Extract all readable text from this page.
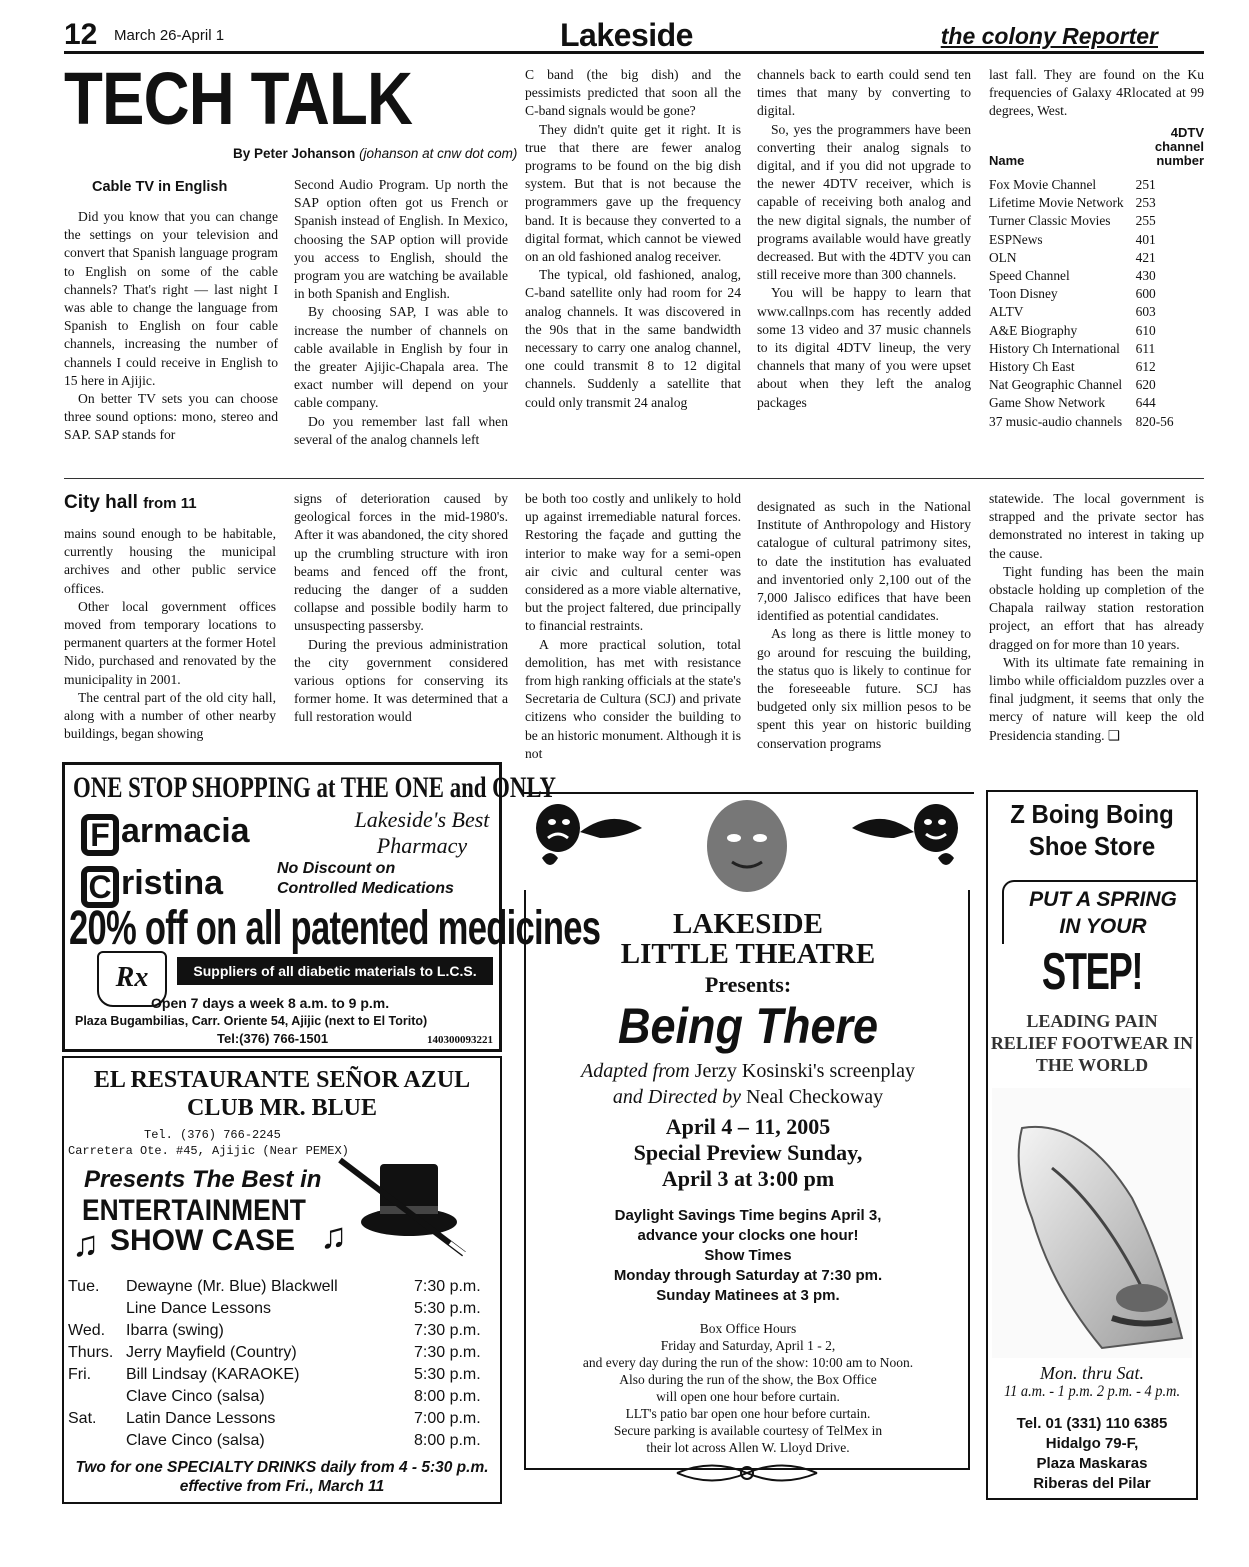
12 March 26-April 1	Lakeside	the colony Reporter
TECH TALK
By Peter Johanson (johanson at cnw dot com)
Cable TV in English

Did you know that you can change the settings on your television and convert that Spanish language program to English on some of the cable channels? That's right — last night I was able to change the language from Spanish to English on four cable channels, increasing the number of channels I could receive in English to 15 here in Ajijic.

On better TV sets you can choose three sound options: mono, stereo and SAP. SAP stands for

Second Audio Program. Up north the SAP option often got us French or Spanish instead of English. In Mexico, choosing the SAP option will provide you access to English, should the program you are watching be available in both Spanish and English.

By choosing SAP, I was able to increase the number of channels on cable available in English by four in the greater Ajijic-Chapala area. The exact number will depend on your cable company.

Do you remember last fall when several of the analog channels left

C band (the big dish) and the pessimists predicted that soon all the C-band signals would be gone?

They didn't quite get it right. It is true that there are fewer analog programs to be found on the big dish system. But that is not because the programmers gave up the frequency band. It is because they converted to a digital format, which cannot be viewed on an old fashioned analog receiver.

The typical, old fashioned, analog, C-band satellite only had room for 24 analog channels. It was discovered in the 90s that in the same bandwidth necessary to carry one analog channel, one could transmit 8 to 12 digital channels. Suddenly a satellite that could only transmit 24 analog

channels back to earth could send ten times that many by converting to digital.

So, yes the programmers have been converting their analog signals to digital, and if you did not upgrade to the newer 4DTV receiver, which is capable of receiving both analog and the new digital signals, the number of programs available would have greatly decreased. But with the 4DTV you can still receive more than 300 channels.

You will be happy to learn that www.callnps.com has recently added some 13 video and 37 music channels to its digital 4DTV lineup, the very channels that many of you were upset about when they left the analog packages

last fall. They are found on the Ku frequencies of Galaxy 4Rlocated at 99 degrees, West.

Name	4DTV channel number
Fox Movie Channel	251
Lifetime Movie Network	253
Turner Classic Movies	255
ESPNews	401
OLN	421
Speed Channel	430
Toon Disney	600
ALTV	603
A&E Biography	610
History Ch International	611
History Ch East	612
Nat Geographic Channel	620
Game Show Network	644
37 music-audio channels	820-56
City hall from 11

mains sound enough to be habitable, currently housing the municipal archives and other public service offices.

Other local government offices moved from temporary locations to permanent quarters at the former Hotel Nido, purchased and renovated by the municipality in 2001.

The central part of the old city hall, along with a number of other nearby buildings, began showing

signs of deterioration caused by geological forces in the mid-1980's. After it was abandoned, the city shored up the crumbling structure with iron beams and fenced off the front, reducing the danger of a sudden collapse and possible bodily harm to unsuspecting passersby.

During the previous administration the city government considered various options for conserving its former home. It was determined that a full restoration would

be both too costly and unlikely to hold up against irremediable natural forces. Restoring the façade and gutting the interior to make way for a semi-open air civic and cultural center was considered as a more viable alternative, but the project faltered, due principally to financial restraints.

A more practical solution, total demolition, has met with resistance from high ranking officials at the state's Secretaria de Cultura (SCJ) and private citizens who consider the building to be an historic monument. Although it is not

designated as such in the National Institute of Anthropology and History catalogue of cultural patrimony sites, to date the institution has evaluated and inventoried only 2,100 out of the 7,000 Jalisco edifices that have been identified as potential candidates.

As long as there is little money to go around for rescuing the building, the status quo is likely to continue for the foreseeable future. SCJ has budgeted only six million pesos to be spent this year on historic building conservation programs

statewide. The local government is strapped and the private sector has demonstrated no interest in taking up the cause.

Tight funding has been the main obstacle holding up completion of the Chapala railway station restoration project, an effort that has already dragged on for more than 10 years.

With its ultimate fate remaining in limbo while officialdom puzzles over a final judgment, it seems that only the mercy of nature will keep the old Presidencia standing. ❑

ONE STOP SHOPPING at THE ONE and ONLY
F armacia
C ristina
Lakeside's Best Pharmacy
No Discount on Controlled Medications
20% off on all patented medicines
Rx	Suppliers of all diabetic materials to L.C.S.
Open 7 days a week 8 a.m. to 9 p.m.
Plaza Bugambilias, Carr. Oriente 54, Ajijic (next to El Torito)
Tel:(376) 766-1501	140300093221
EL RESTAURANTE SEÑOR AZUL
CLUB MR. BLUE
Tel. (376) 766-2245
Carretera Ote. #45, Ajijic (Near PEMEX)
Presents The Best in
ENTERTAINMENT
SHOW CASE
♫	♫
Tue.	Dewayne (Mr. Blue) Blackwell	7:30 p.m.
Line Dance Lessons	5:30 p.m.
Wed.	Ibarra (swing)	7:30 p.m.
Thurs. Jerry Mayfield (Country)	7:30 p.m.
Fri.	Bill Lindsay (KARAOKE)	5:30 p.m.
Clave Cinco (salsa)	8:00 p.m.
Sat.	Latin Dance Lessons	7:00 p.m.
Clave Cinco (salsa)	8:00 p.m.
Two for one SPECIALTY DRINKS daily from 4 - 5:30 p.m.
effective from Fri., March 11
LAKESIDE
LITTLE THEATRE
Presents:
Being There
Adapted from Jerzy Kosinski's screenplay
and Directed by Neal Checkoway
April 4 – 11, 2005
Special Preview Sunday,
April 3 at 3:00 pm
Daylight Savings Time begins April 3,
advance your clocks one hour!
Show Times
Monday through Saturday at 7:30 pm.
Sunday Matinees at 3 pm.
Box Office Hours
Friday and Saturday, April 1 - 2,
and every day during the run of the show: 10:00 am to Noon.
Also during the run of the show, the Box Office
will open one hour before curtain.
LLT's patio bar open one hour before curtain.
Secure parking is available courtesy of TelMex in
their lot across Allen W. Lloyd Drive.
Z Boing Boing
Shoe Store
PUT A SPRING
IN YOUR
STEP!
LEADING PAIN
RELIEF FOOTWEAR IN
THE WORLD
Mon. thru Sat.
11 a.m. - 1 p.m. 2 p.m. - 4 p.m.
Tel. 01 (331) 110 6385
Hidalgo 79-F,
Plaza Maskaras
Riberas del Pilar
